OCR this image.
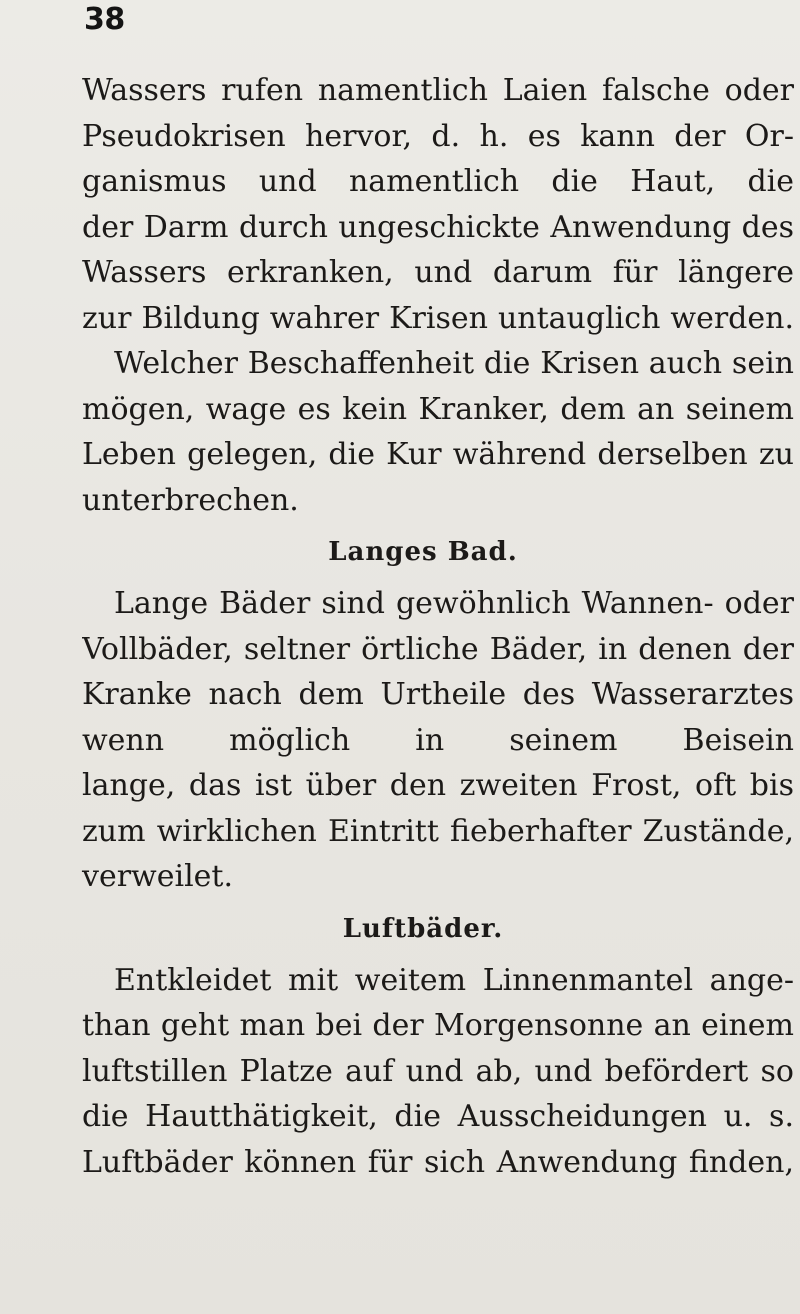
38
Wassers rufen namentlich Laien falsche oder
Pseudokrisen hervor, d. h. es kann der Or-
ganismus und namentlich die Haut, die
der Darm durch ungeschickte Anwendung des
Wassers erkranken, und darum für längere
zur Bildung wahrer Krisen untauglich werden.
Welcher Beschaffenheit die Krisen auch sein
mögen, wage es kein Kranker, dem an seinem
Leben gelegen, die Kur während derselben zu
unterbrechen.
Langes Bad.
Lange Bäder sind gewöhnlich Wannen- oder
Vollbäder, seltner örtliche Bäder, in denen der
Kranke nach dem Urtheile des Wasserarztes
wenn möglich in seinem Beisein
lange, das ist über den zweiten Frost, oft bis
zum wirklichen Eintritt fieberhafter Zustände,
verweilet.
Luftbäder.
Entkleidet mit weitem Linnenmantel ange-
than geht man bei der Morgensonne an einem
luftstillen Platze auf und ab, und befördert so
die Hautthätigkeit, die Ausscheidungen u. s.
Luftbäder können für sich Anwendung finden,
